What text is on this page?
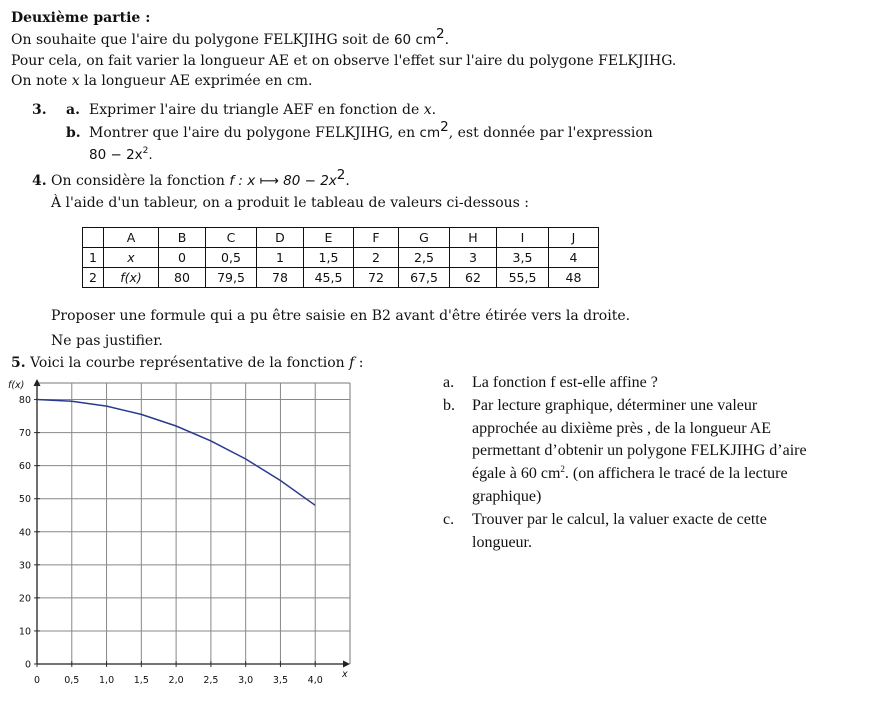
Deuxième partie :
On souhaite que l'aire du polygone FELKJIHG soit de 60 $cm^2$.
Pour cela, on fait varier la longueur AE et on observe l'effet sur l'aire du polygone FELKJIHG.
On note x la longueur AE exprimée en cm.
3. a. Exprimer l'aire du triangle AEF en fonction de x.
b. Montrer que l'aire du polygone FELKJIHG, en $cm^2$, est donnée par l'expression
$80 - 2x^2$.
4. On considère la fonction f : x ⟼ $80 - 2x^2$.
À l'aide d'un tableur, on a produit le tableau de valeurs ci-dessous :
	A	B	C	D	E	F	G	H	I	J
1	x	0	0,5	1	1,5	2	2,5	3	3,5	4
2	f(x)	80	79,5	78	45,5	72	67,5	62	55,5	48
Proposer une formule qui a pu être saisie en B2 avant d'être étirée vers la droite.
Ne pas justifier.
5. Voici la courbe représentative de la fonction f :
0	0,5 1,0 1,5 2,0 2,5 3,0 3,5 4,0
0
10
20
30
40
50
60
70
80
x
f(x)	a. La fonction f est-elle affine ?
b. Par lecture graphique, déterminer une valeur
approchée au dixième près , de la longueur AE
permettant d’obtenir un polygone FELKJIHG d’aire
égale à 60 $cm^2$. (on affichera le tracé de la lecture
graphique)
c. Trouver par le calcul, la valuer exacte de cette
longueur.
